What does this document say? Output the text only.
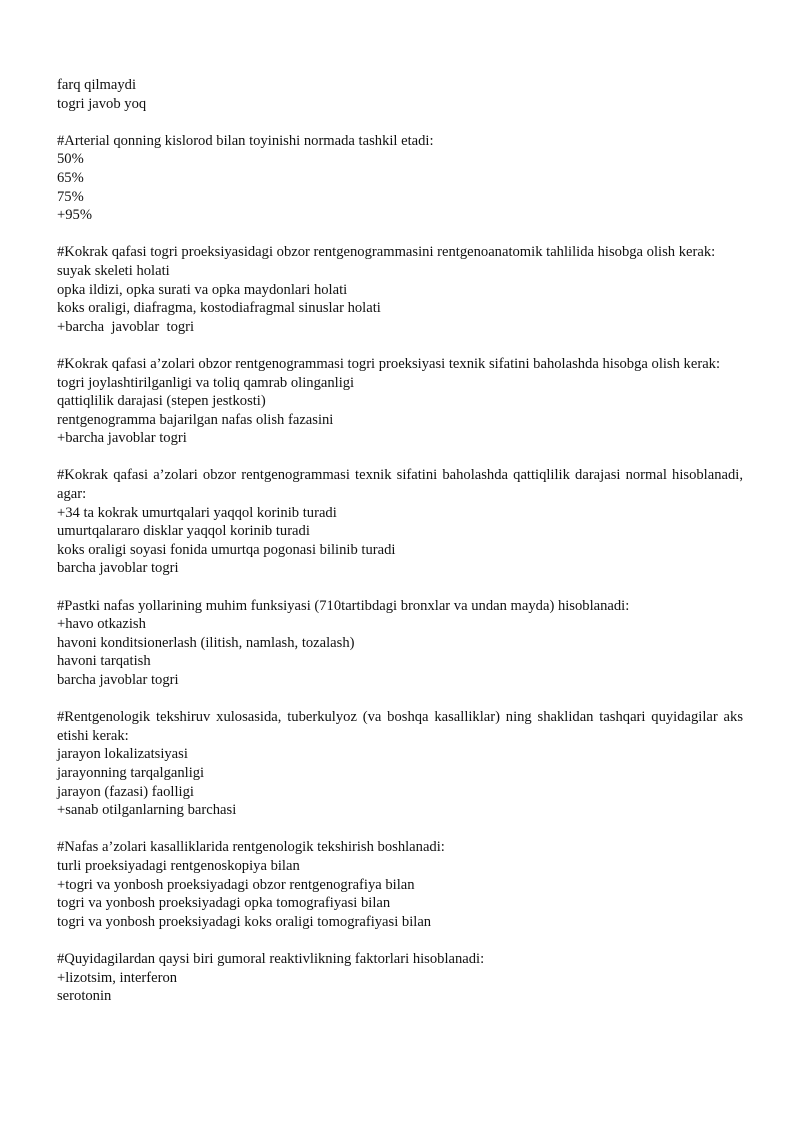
farq qilmaydi
togri javob yoq
#Arterial qonning kislorod bilan toyinishi normada tashkil etadi:
50%
65%
75%
+95%
#Kokrak qafasi togri proeksiyasidagi obzor rentgenogrammasini rentgenoanatomik tahlilida hisobga olish kerak:
suyak skeleti holati
opka ildizi, opka surati va opka maydonlari holati
koks oraligi, diafragma, kostodiafragmal sinuslar holati
+barcha  javoblar  togri
#Kokrak qafasi a’zolari obzor rentgenogrammasi togri proeksiyasi texnik sifatini baholashda hisobga olish kerak:
togri joylashtirilganligi va toliq qamrab olinganligi
qattiqlilik darajasi (stepen jestkosti)
rentgenogramma bajarilgan nafas olish fazasini
+barcha javoblar togri
#Kokrak qafasi a’zolari obzor rentgenogrammasi texnik sifatini baholashda qattiqlilik darajasi normal hisoblanadi, agar:
+34 ta kokrak umurtqalari yaqqol korinib turadi
umurtqalararo disklar yaqqol korinib turadi
koks oraligi soyasi fonida umurtqa pogonasi bilinib turadi
barcha javoblar togri
#Pastki nafas yollarining muhim funksiyasi (710tartibdagi bronxlar va undan mayda) hisoblanadi:
+havo otkazish
havoni konditsionerlash (ilitish, namlash, tozalash)
havoni tarqatish
barcha javoblar togri
#Rentgenologik tekshiruv xulosasida, tuberkulyoz (va boshqa kasalliklar) ning shaklidan tashqari quyidagilar aks etishi kerak:
jarayon lokalizatsiyasi
jarayonning tarqalganligi
jarayon (fazasi) faolligi
+sanab otilganlarning barchasi
#Nafas a’zolari kasalliklarida rentgenologik tekshirish boshlanadi:
turli proeksiyadagi rentgenoskopiya bilan
+togri va yonbosh proeksiyadagi obzor rentgenografiya bilan
togri va yonbosh proeksiyadagi opka tomografiyasi bilan
togri va yonbosh proeksiyadagi koks oraligi tomografiyasi bilan
#Quyidagilardan qaysi biri gumoral reaktivlikning faktorlari hisoblanadi:
+lizotsim, interferon
serotonin
